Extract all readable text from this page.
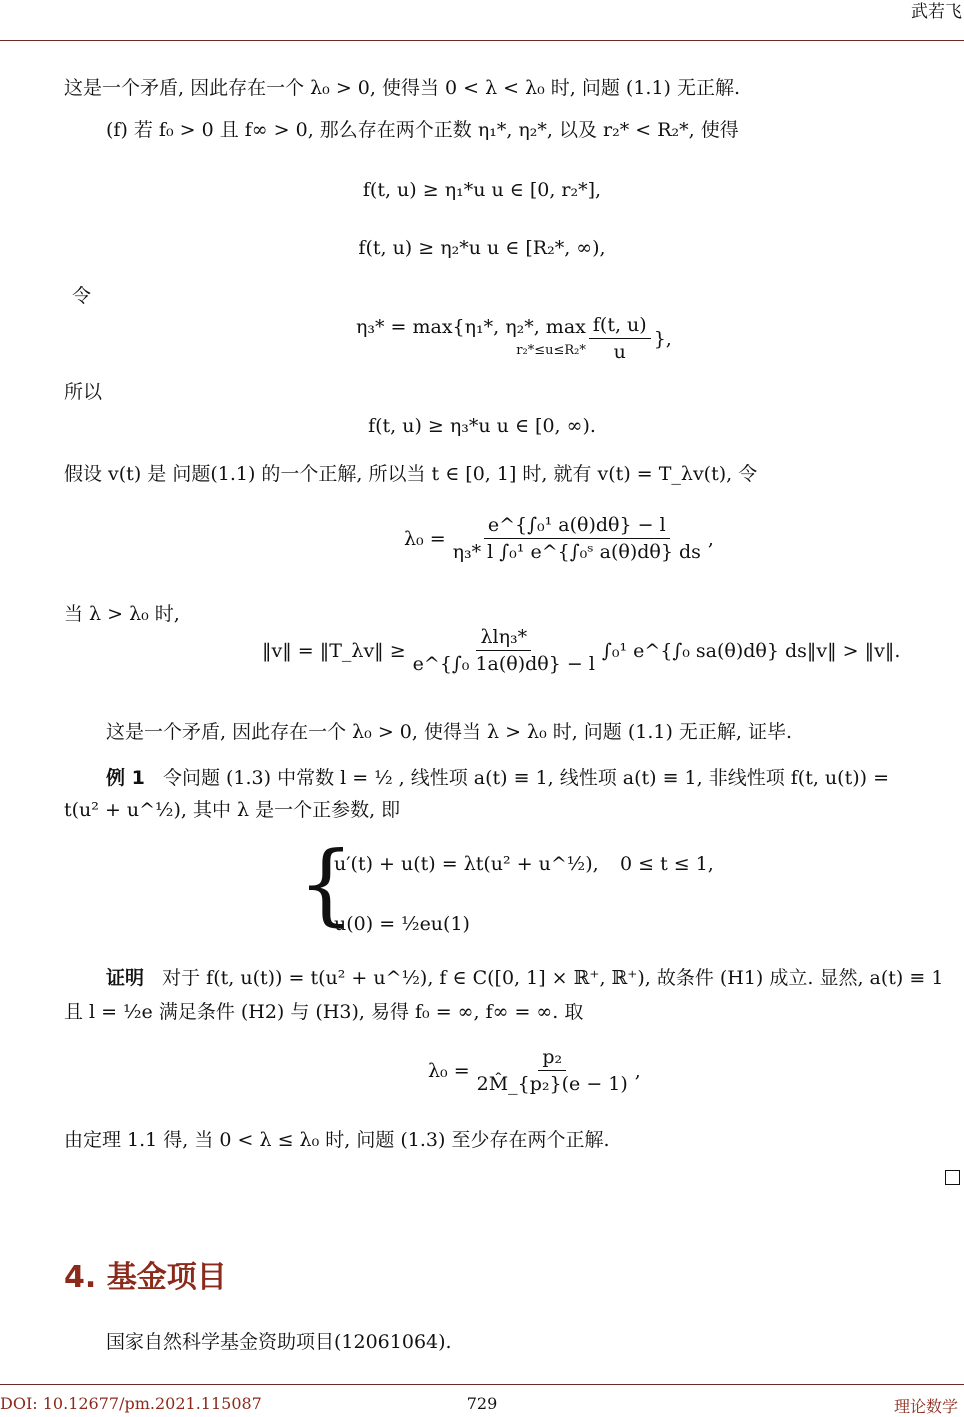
武若飞
这是一个矛盾, 因此存在一个 λ₀ > 0, 使得当 0 < λ < λ₀ 时, 问题 (1.1) 无正解.
(f) 若 f₀ > 0 且 f∞ > 0, 那么存在两个正数 η₁*, η₂*, 以及 r₂* < R₂*, 使得
f(t, u) ≥ η₁*u u ∈ [0, r₂*],
f(t, u) ≥ η₂*u u ∈ [R₂*, ∞),
令
η₃* = max{η₁*, η₂*, max
$r_2*\le u\le R_2* \frac{f(t, u)}{u}$ },
所以
f(t, u) ≥ η₃*u u ∈ [0, ∞).
假设 v(t) 是 问题(1.1) 的一个正解, 所以当 t ∈ [0, 1] 时, 就有 v(t) = T_λv(t), 令
$\lambda_0 = \frac{\text{e\textasciicircum{}\{∫₀¹ a(θ)dθ\} − l}}{\text{η₃* l ∫₀¹ e\textasciicircum{}\{∫₀ˢ a(θ)dθ\} ds}}$ ,
当 λ > λ₀ 时,
‖v‖ = ‖T_λv‖ ≥ $\frac{\text{λlη₃*}}{\text{e\textasciicircum{}\{∫₀ 1a(θ)dθ\} − l}} \int_0^1$ e^{∫₀ sa(θ)dθ} ds‖v‖ > ‖v‖.
这是一个矛盾, 因此存在一个 λ₀ > 0, 使得当 λ > λ₀ 时, 问题 (1.1) 无正解, 证毕.
例 1 令问题 (1.3) 中常数 l = ½ , 线性项 a(t) ≡ 1, 线性项 a(t) ≡ 1, 非线性项 f(t, u(t)) =
t(u² + u^½), 其中 λ 是一个正参数, 即
{
u′(t) + u(t) = λt(u² + u^½), 0 ≤ t ≤ 1,
u(0) = ½eu(1)
证明 对于 f(t, u(t)) = t(u² + u^½), f ∈ C([0, 1] × ℝ⁺, ℝ⁺), 故条件 (H1) 成立. 显然, a(t) ≡ 1
且 l = ½e 满足条件 (H2) 与 (H3), 易得 f₀ = ∞, f∞ = ∞. 取
$\lambda_0 = \frac{\text{p₂}}{\text{2M̂\_\{p₂\}(e − 1)}}$ ,
由定理 1.1 得, 当 0 < λ ≤ λ₀ 时, 问题 (1.3) 至少存在两个正解.
4. 基金项目
国家自然科学基金资助项目(12061064).
729
DOI: 10.12677/pm.2021.115087	理论数学
